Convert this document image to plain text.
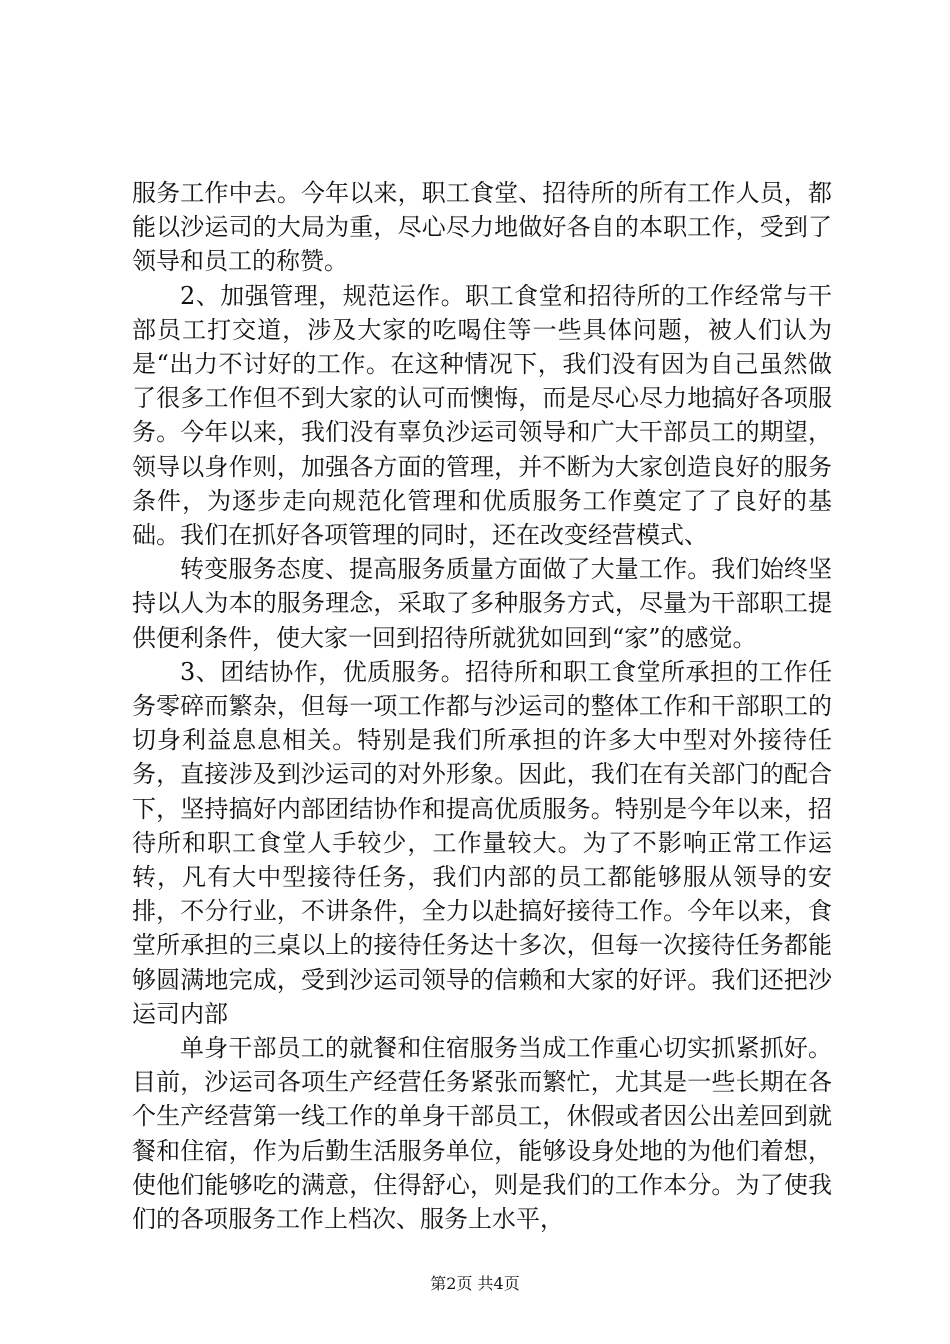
服务工作中去。今年以来，职工食堂、招待所的所有工作人员，都能以沙运司的大局为重，尽心尽力地做好各自的本职工作，受到了领导和员工的称赞。

2、加强管理，规范运作。职工食堂和招待所的工作经常与干部员工打交道，涉及大家的吃喝住等一些具体问题，被人们认为是“出力不讨好的工作。在这种情况下，我们没有因为自己虽然做了很多工作但不到大家的认可而懊悔，而是尽心尽力地搞好各项服务。今年以来，我们没有辜负沙运司领导和广大干部员工的期望，领导以身作则，加强各方面的管理，并不断为大家创造良好的服务条件，为逐步走向规范化管理和优质服务工作奠定了了良好的基础。我们在抓好各项管理的同时，还在改变经营模式、

转变服务态度、提高服务质量方面做了大量工作。我们始终坚持以人为本的服务理念，采取了多种服务方式，尽量为干部职工提供便利条件，使大家一回到招待所就犹如回到“家”的感觉。

3、团结协作，优质服务。招待所和职工食堂所承担的工作任务零碎而繁杂，但每一项工作都与沙运司的整体工作和干部职工的切身利益息息相关。特别是我们所承担的许多大中型对外接待任务，直接涉及到沙运司的对外形象。因此，我们在有关部门的配合下，坚持搞好内部团结协作和提高优质服务。特别是今年以来，招待所和职工食堂人手较少，工作量较大。为了不影响正常工作运转，凡有大中型接待任务，我们内部的员工都能够服从领导的安排，不分行业，不讲条件，全力以赴搞好接待工作。今年以来，食堂所承担的三桌以上的接待任务达十多次，但每一次接待任务都能够圆满地完成，受到沙运司领导的信赖和大家的好评。我们还把沙运司内部

单身干部员工的就餐和住宿服务当成工作重心切实抓紧抓好。目前，沙运司各项生产经营任务紧张而繁忙，尤其是一些长期在各个生产经营第一线工作的单身干部员工，休假或者因公出差回到就餐和住宿，作为后勤生活服务单位，能够设身处地的为他们着想，使他们能够吃的满意，住得舒心，则是我们的工作本分。为了使我们的各项服务工作上档次、服务上水平，

第2页 共4页
